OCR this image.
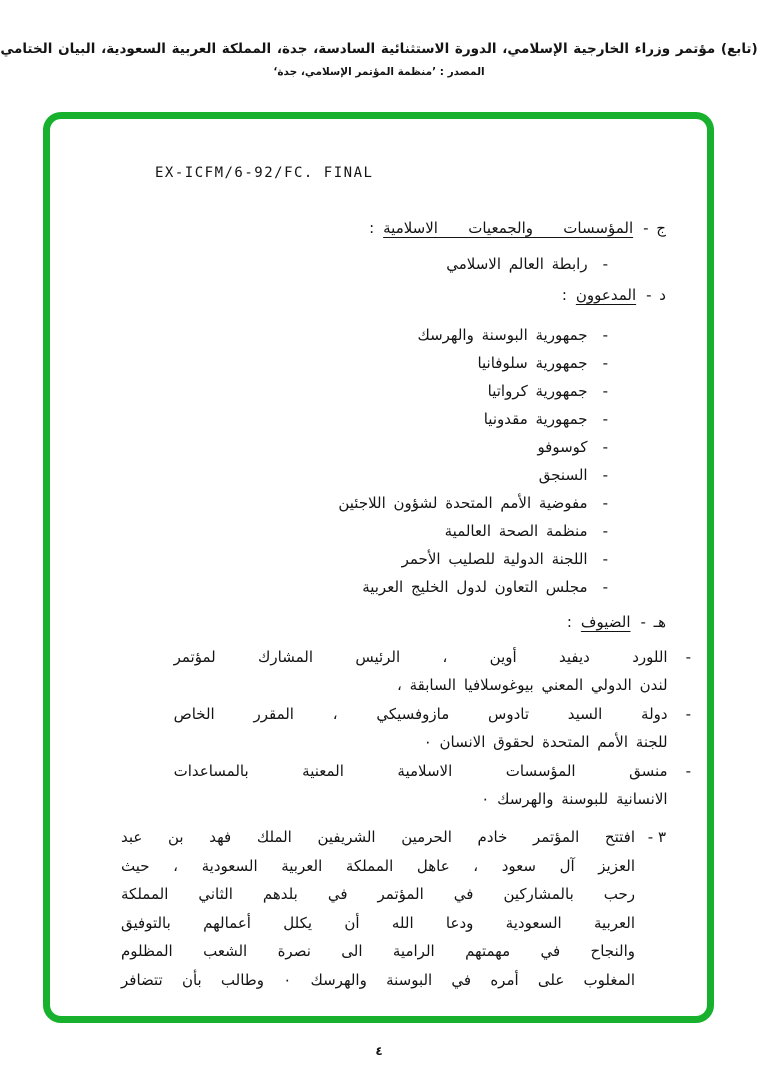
(تابع) مؤتمر وزراء الخارجية الإسلامي، الدورة الاستثنائية السادسة، جدة، المملكة العربية السعودية، البيان الختامي
المصدر : ’منظمة المؤتمر الإسلامي، جدة‘
EX-ICFM/6-92/FC. FINAL
ج -
المؤسسات والجمعيات الاسلامية
:
-
رابطة العالم الاسلامي
د -
المدعوون
:
-
جمهورية البوسنة والهرسك
-
جمهورية سلوفانيا
-
جمهورية كرواتيا
-
جمهورية مقدونيا
-
كوسوفو
-
السنجق
-
مفوضية الأمم المتحدة لشؤون اللاجئين
-
منظمة الصحة العالمية
-
اللجنة الدولية للصليب الأحمر
-
مجلس التعاون لدول الخليج العربية
هـ -
الضيوف
:
-
اللورد ديفيد أوين ، الرئيس المشارك لمؤتمر
لندن الدولي المعني بيوغوسلافيا السابقة ،
-
دولة السيد تادوس مازوفسيكي ، المقرر الخاص
للجنة الأمم المتحدة لحقوق الانسان ٠
-
منسق المؤسسات الاسلامية المعنية بالمساعدات
الانسانية للبوسنة والهرسك ٠
٣ -
افتتح المؤتمر خادم الحرمين الشريفين الملك فهد بن عبد
العزيز آل سعود ، عاهل المملكة العربية السعودية ، حيث
رحب بالمشاركين في المؤتمر في بلدهم الثاني المملكة
العربية السعودية ودعا الله أن يكلل أعمالهم بالتوفيق
والنجاح في مهمتهم الرامية الى نصرة الشعب المظلوم
المغلوب على أمره في البوسنة والهرسك ٠ وطالب بأن تتضافر
٤
